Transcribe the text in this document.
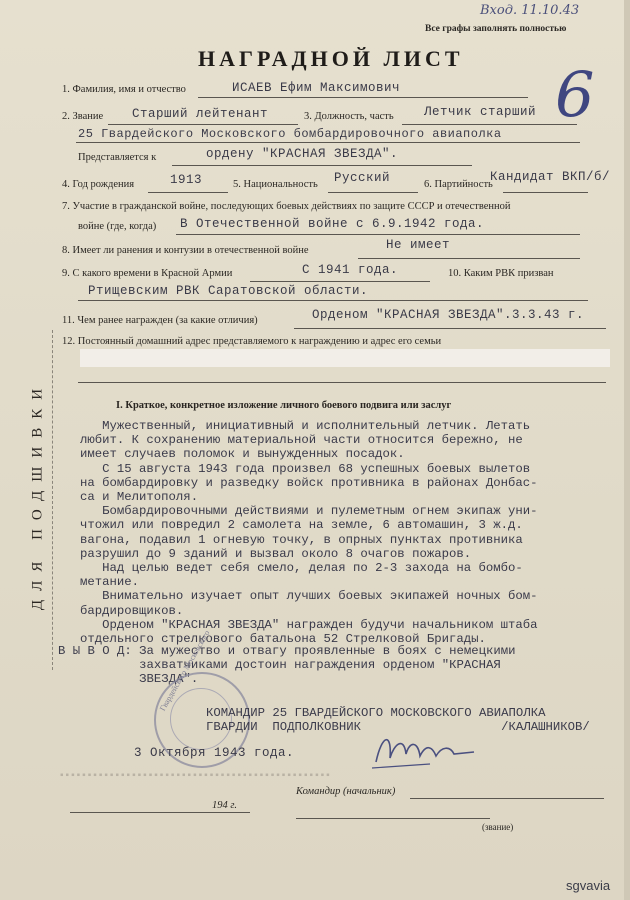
Вход. 11.10.43
Все графы заполнять полностью
НАГРАДНОЙ ЛИСТ 6
1. Фамилия, имя и отчество	ИСАЕВ Ефим Максимович
2. Звание Старший лейтенант	3. Должность, часть Летчик старший
25 Гвардейского Московского бомбардировочного авиаполка
Представляется к	ордену "КРАСНАЯ ЗВЕЗДА".
4. Год рождения	1913	5. Национальность Русский	6. Партийность
Кандидат ВКП/б/
7. Участие в гражданской войне, последующих боевых действиях по защите СССР и отечественной
войне (где, когда) В Отечественной войне с 6.9.1942 года.
8. Имеет ли ранения и контузии в отечественной войне	Не имеет
9. С какого времени в Красной Армии	С 1941 года.	10. Каким РВК призван
Ртищевским РВК Саратовской области.
11. Чем ранее награжден (за какие отличия)	Орденом "КРАСНАЯ ЗВЕЗДА".3.3.43 г.
12. Постоянный домашний адрес представляемого к награждению и адрес его семьи
ДЛЯ ПОДШИВКИ	I. Краткое, конкретное изложение личного боевого подвига или заслуг

Мужественный, инициативный и исполнительный летчик. Летать

любит. К сохранению материальной части относится бережно, не

имеет случаев поломок и вынужденных посадок.

С 15 августа 1943 года произвел 68 успешных боевых вылетов

на бомбардировку и разведку войск противника в районах Донбас-

са и Мелитополя.

Бомбардировочными действиями и пулеметным огнем экипаж уни-

чтожил или повредил 2 самолета на земле, 6 автомашин, 3 ж.д.

вагона, подавил 1 огневую точку, в опрных пунктах противника

разрушил до 9 зданий и вызвал около 8 очагов пожаров.

Над целью ведет себя смело, делая по 2-3 захода на бомбо-

метание.

Внимательно изучает опыт лучших боевых экипажей ночных бом-

бардировщиков.

Орденом "КРАСНАЯ ЗВЕЗДА" награжден будучи начальником штаба

отдельного стрелкового батальона 52 Стрелковой Бригады.

В Ы В О Д: За мужество и отвагу проявленные в боях с немецкими

захватчиками достоин награждения орденом "КРАСНАЯ

ЗВЕЗДА".

Гвардейского Московского

КОМАНДИР 25 ГВАРДЕЙСКОГО МОСКОВСКОГО АВИАПОЛКА

ГВАРДИИ  ПОДПОЛКОВНИК                   /КАЛАШНИКОВ/

3 Октября 1943 года.
▪▪▪▪▪▪▪▪▪▪▪▪▪▪▪▪▪▪▪▪▪▪▪▪▪▪▪▪▪▪▪▪▪▪▪▪▪▪▪▪▪▪▪▪▪▪▪▪▪
Командир (начальник)
(звание)
194 г.
sgvavia
